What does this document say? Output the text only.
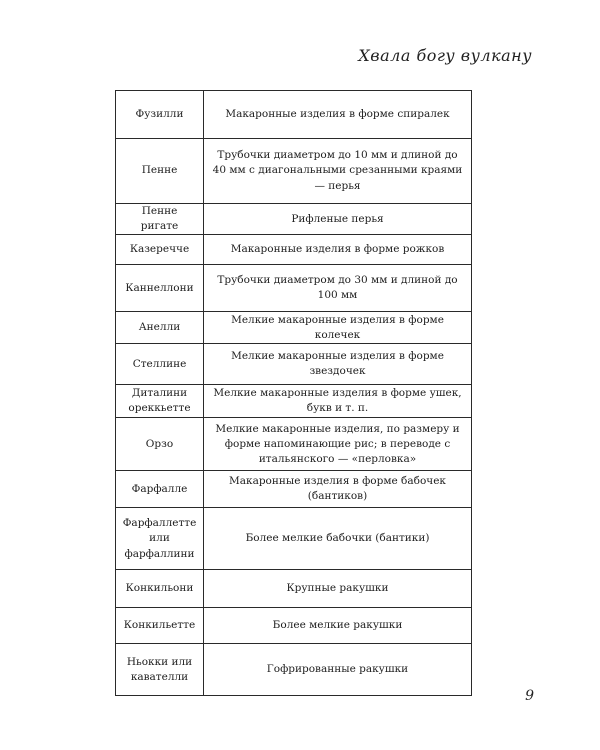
Хвала богу вулкану
Фузилли	Макаронные изделия в форме спиралек
Пенне	Трубочки диаметром до 10 мм и длиной до 40 мм с диагональными срезанными краями — перья
Пенне ригате	Рифленые перья
Казеречче	Макаронные изделия в форме рожков
Каннеллони	Трубочки диаметром до 30 мм и длиной до 100 мм
Анелли	Мелкие макаронные изделия в форме колечек
Стеллине	Мелкие макаронные изделия в форме звездочек
Диталини ореккьетте	Мелкие макаронные изделия в форме ушек, букв и т. п.
Орзо	Мелкие макаронные изделия, по размеру и форме напоминающие рис; в переводе с итальянского — «перловка»
Фарфалле	Макаронные изделия в форме бабочек (бантиков)
Фарфаллетте или фарфаллини	Более мелкие бабочки (бантики)
Конкильони	Крупные ракушки
Конкильетте	Более мелкие ракушки
Ньокки или кавателли	Гофрированные ракушки
9
